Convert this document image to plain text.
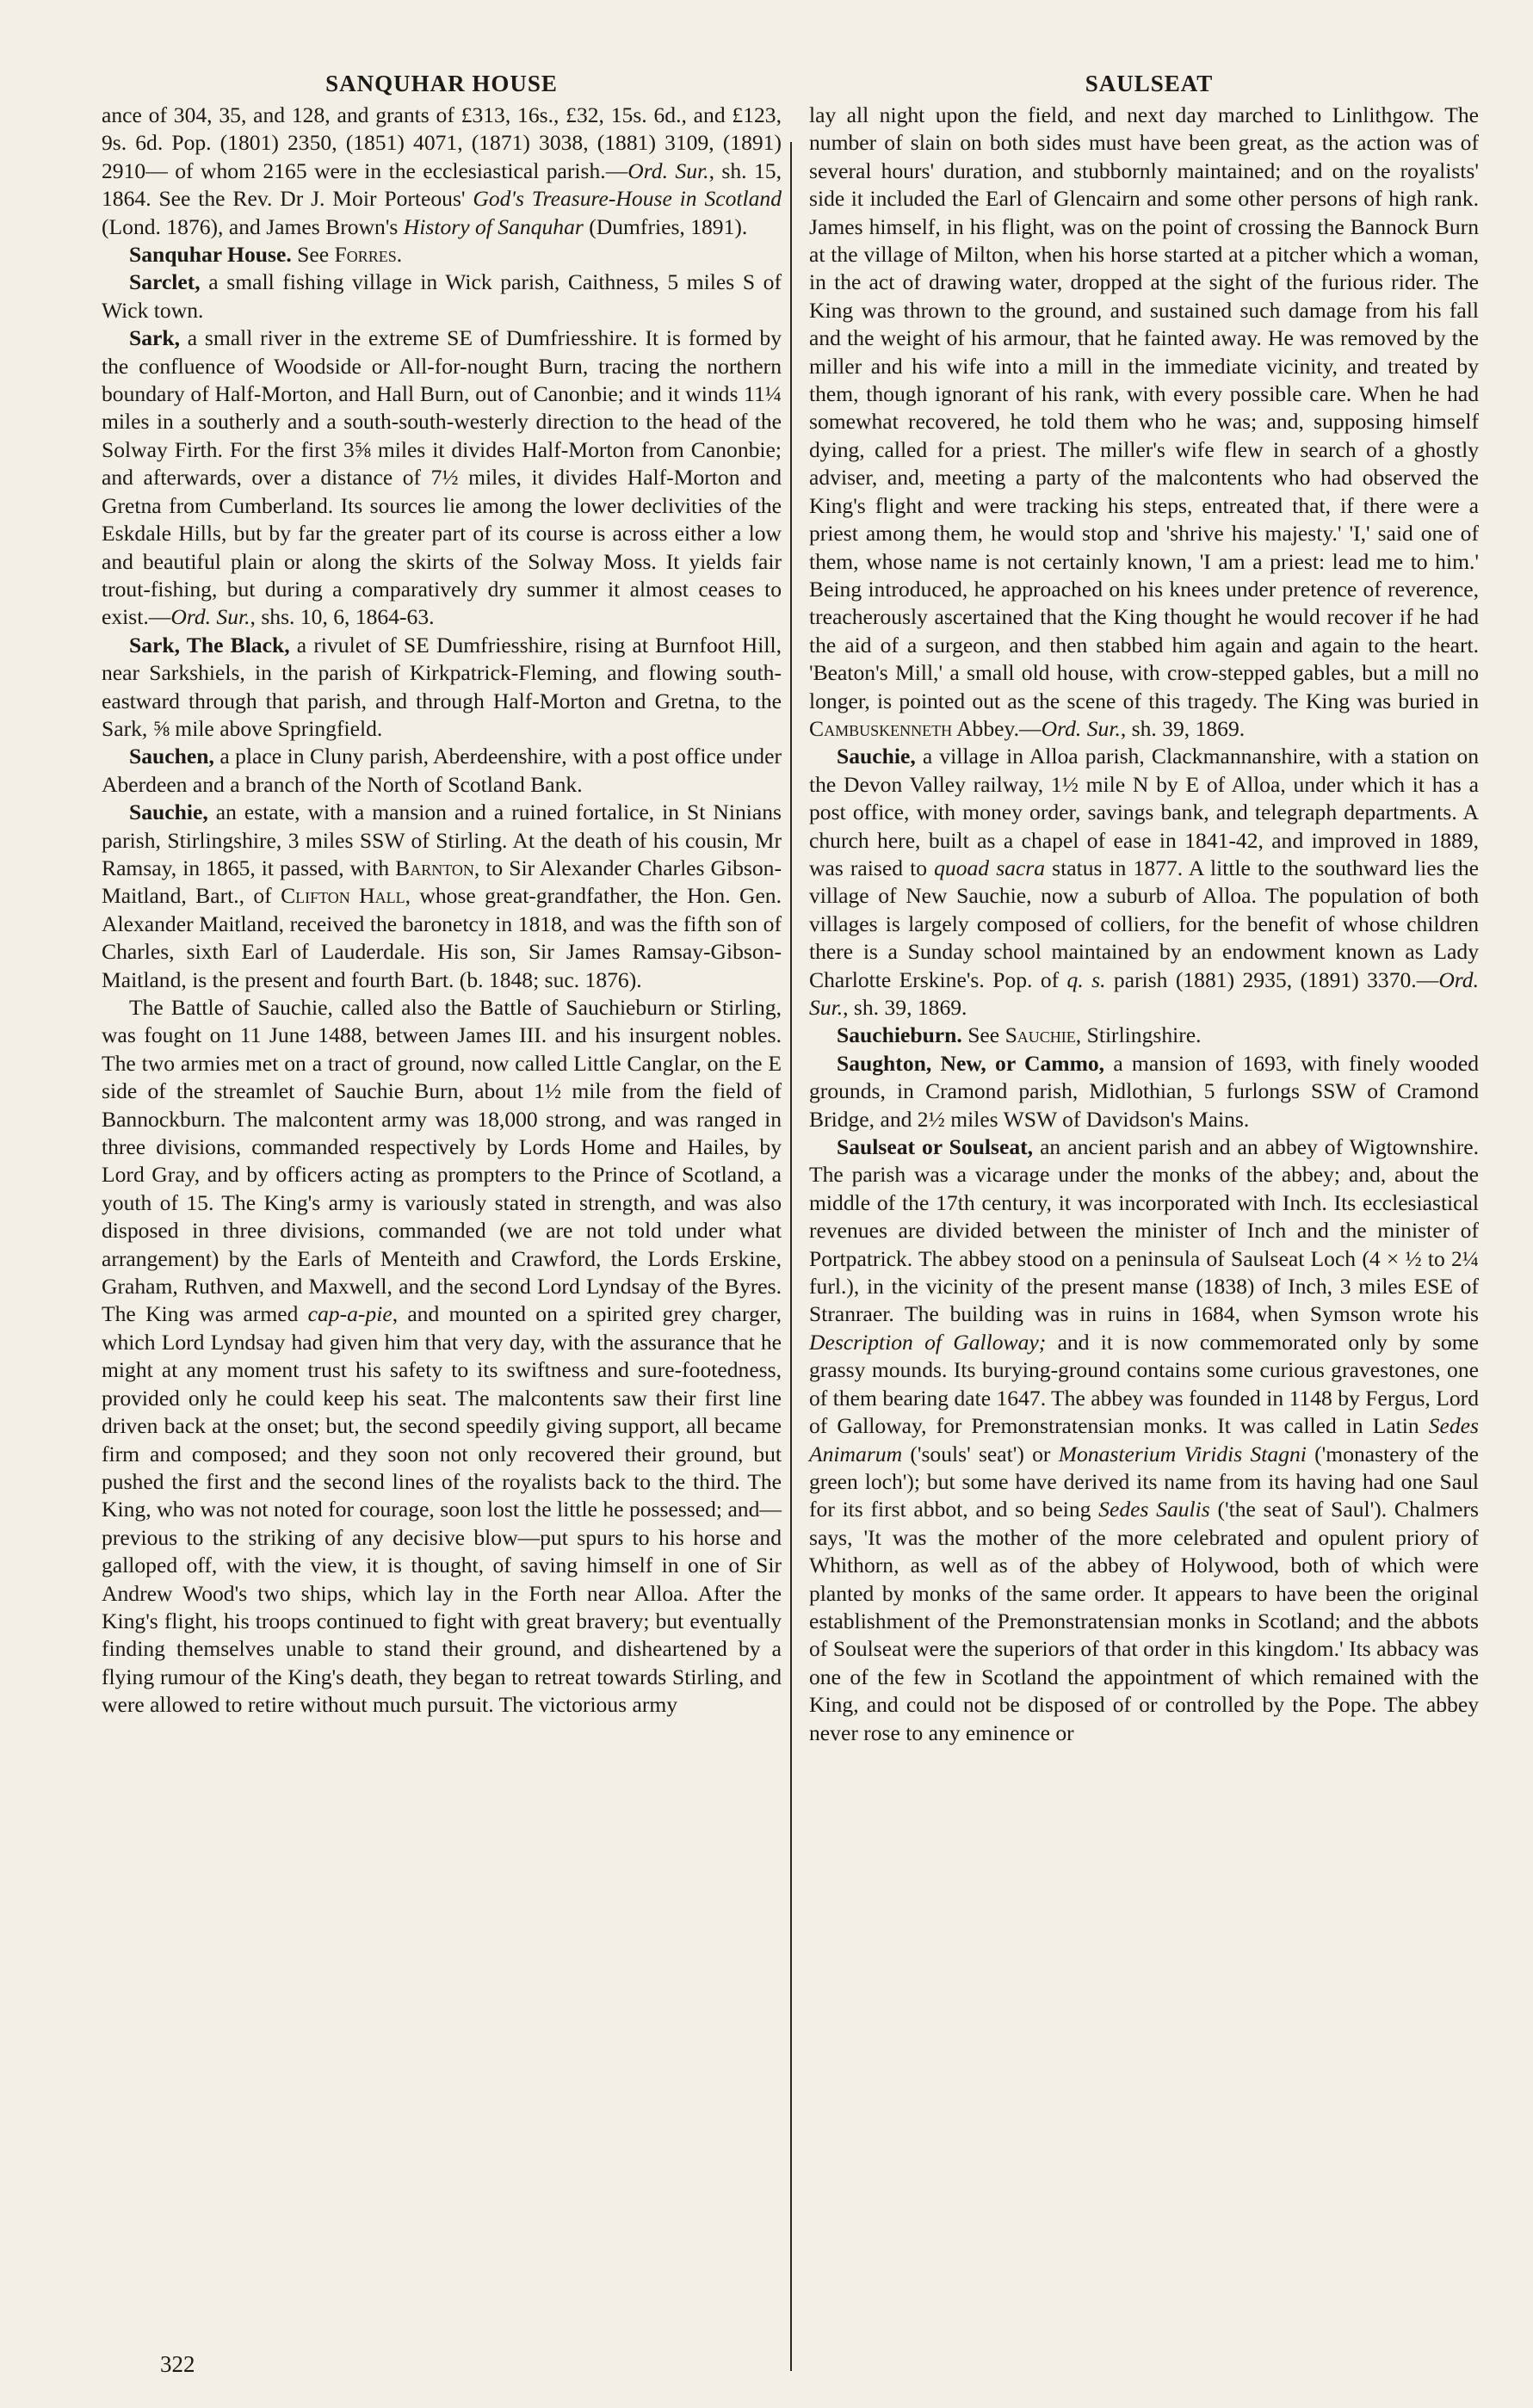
SANQUHAR HOUSE	SAULSEAT

ance of 304, 35, and 128, and grants of £313, 16s., £32, 15s. 6d., and £123, 9s. 6d. Pop. (1801) 2350, (1851) 4071, (1871) 3038, (1881) 3109, (1891) 2910— of whom 2165 were in the ecclesiastical parish.—Ord. Sur., sh. 15, 1864. See the Rev. Dr J. Moir Porteous' God's Treasure-House in Scotland (Lond. 1876), and James Brown's History of Sanquhar (Dumfries, 1891).

Sanquhar House. See Forres.

Sarclet, a small fishing village in Wick parish, Caithness, 5 miles S of Wick town.

Sark, a small river in the extreme SE of Dumfriesshire. It is formed by the confluence of Woodside or All-for-nought Burn, tracing the northern boundary of Half-Morton, and Hall Burn, out of Canonbie; and it winds 11¼ miles in a southerly and a south-south-westerly direction to the head of the Solway Firth. For the first 3⅝ miles it divides Half-Morton from Canonbie; and afterwards, over a distance of 7½ miles, it divides Half-Morton and Gretna from Cumberland. Its sources lie among the lower declivities of the Eskdale Hills, but by far the greater part of its course is across either a low and beautiful plain or along the skirts of the Solway Moss. It yields fair trout-fishing, but during a comparatively dry summer it almost ceases to exist.—Ord. Sur., shs. 10, 6, 1864-63.

Sark, The Black, a rivulet of SE Dumfriesshire, rising at Burnfoot Hill, near Sarkshiels, in the parish of Kirkpatrick-Fleming, and flowing south-eastward through that parish, and through Half-Morton and Gretna, to the Sark, ⅝ mile above Springfield.

Sauchen, a place in Cluny parish, Aberdeenshire, with a post office under Aberdeen and a branch of the North of Scotland Bank.

Sauchie, an estate, with a mansion and a ruined fortalice, in St Ninians parish, Stirlingshire, 3 miles SSW of Stirling. At the death of his cousin, Mr Ramsay, in 1865, it passed, with Barnton, to Sir Alexander Charles Gibson-Maitland, Bart., of Clifton Hall, whose great-grandfather, the Hon. Gen. Alexander Maitland, received the baronetcy in 1818, and was the fifth son of Charles, sixth Earl of Lauderdale. His son, Sir James Ramsay-Gibson-Maitland, is the present and fourth Bart. (b. 1848; suc. 1876).

The Battle of Sauchie, called also the Battle of Sauchieburn or Stirling, was fought on 11 June 1488, between James III. and his insurgent nobles. The two armies met on a tract of ground, now called Little Canglar, on the E side of the streamlet of Sauchie Burn, about 1½ mile from the field of Bannockburn. The malcontent army was 18,000 strong, and was ranged in three divisions, commanded respectively by Lords Home and Hailes, by Lord Gray, and by officers acting as prompters to the Prince of Scotland, a youth of 15. The King's army is variously stated in strength, and was also disposed in three divisions, commanded (we are not told under what arrangement) by the Earls of Menteith and Crawford, the Lords Erskine, Graham, Ruthven, and Maxwell, and the second Lord Lyndsay of the Byres. The King was armed cap-a-pie, and mounted on a spirited grey charger, which Lord Lyndsay had given him that very day, with the assurance that he might at any moment trust his safety to its swiftness and sure-footedness, provided only he could keep his seat. The malcontents saw their first line driven back at the onset; but, the second speedily giving support, all became firm and composed; and they soon not only recovered their ground, but pushed the first and the second lines of the royalists back to the third. The King, who was not noted for courage, soon lost the little he possessed; and—previous to the striking of any decisive blow—put spurs to his horse and galloped off, with the view, it is thought, of saving himself in one of Sir Andrew Wood's two ships, which lay in the Forth near Alloa. After the King's flight, his troops continued to fight with great bravery; but eventually finding themselves unable to stand their ground, and disheartened by a flying rumour of the King's death, they began to retreat towards Stirling, and were allowed to retire without much pursuit. The victorious army

lay all night upon the field, and next day marched to Linlithgow. The number of slain on both sides must have been great, as the action was of several hours' duration, and stubbornly maintained; and on the royalists' side it included the Earl of Glencairn and some other persons of high rank. James himself, in his flight, was on the point of crossing the Bannock Burn at the village of Milton, when his horse started at a pitcher which a woman, in the act of drawing water, dropped at the sight of the furious rider. The King was thrown to the ground, and sustained such damage from his fall and the weight of his armour, that he fainted away. He was removed by the miller and his wife into a mill in the immediate vicinity, and treated by them, though ignorant of his rank, with every possible care. When he had somewhat recovered, he told them who he was; and, supposing himself dying, called for a priest. The miller's wife flew in search of a ghostly adviser, and, meeting a party of the malcontents who had observed the King's flight and were tracking his steps, entreated that, if there were a priest among them, he would stop and 'shrive his majesty.' 'I,' said one of them, whose name is not certainly known, 'I am a priest: lead me to him.' Being introduced, he approached on his knees under pretence of reverence, treacherously ascertained that the King thought he would recover if he had the aid of a surgeon, and then stabbed him again and again to the heart. 'Beaton's Mill,' a small old house, with crow-stepped gables, but a mill no longer, is pointed out as the scene of this tragedy. The King was buried in Cambuskenneth Abbey.—Ord. Sur., sh. 39, 1869.

Sauchie, a village in Alloa parish, Clackmannanshire, with a station on the Devon Valley railway, 1½ mile N by E of Alloa, under which it has a post office, with money order, savings bank, and telegraph departments. A church here, built as a chapel of ease in 1841-42, and improved in 1889, was raised to quoad sacra status in 1877. A little to the southward lies the village of New Sauchie, now a suburb of Alloa. The population of both villages is largely composed of colliers, for the benefit of whose children there is a Sunday school maintained by an endowment known as Lady Charlotte Erskine's. Pop. of q. s. parish (1881) 2935, (1891) 3370.—Ord. Sur., sh. 39, 1869.

Sauchieburn. See Sauchie, Stirlingshire.

Saughton, New, or Cammo, a mansion of 1693, with finely wooded grounds, in Cramond parish, Midlothian, 5 furlongs SSW of Cramond Bridge, and 2½ miles WSW of Davidson's Mains.

Saulseat or Soulseat, an ancient parish and an abbey of Wigtownshire. The parish was a vicarage under the monks of the abbey; and, about the middle of the 17th century, it was incorporated with Inch. Its ecclesiastical revenues are divided between the minister of Inch and the minister of Portpatrick. The abbey stood on a peninsula of Saulseat Loch (4 × ½ to 2¼ furl.), in the vicinity of the present manse (1838) of Inch, 3 miles ESE of Stranraer. The building was in ruins in 1684, when Symson wrote his Description of Galloway; and it is now commemorated only by some grassy mounds. Its burying-ground contains some curious gravestones, one of them bearing date 1647. The abbey was founded in 1148 by Fergus, Lord of Galloway, for Premonstratensian monks. It was called in Latin Sedes Animarum ('souls' seat') or Monasterium Viridis Stagni ('monastery of the green loch'); but some have derived its name from its having had one Saul for its first abbot, and so being Sedes Saulis ('the seat of Saul'). Chalmers says, 'It was the mother of the more celebrated and opulent priory of Whithorn, as well as of the abbey of Holywood, both of which were planted by monks of the same order. It appears to have been the original establishment of the Premonstratensian monks in Scotland; and the abbots of Soulseat were the superiors of that order in this kingdom.' Its abbacy was one of the few in Scotland the appointment of which remained with the King, and could not be disposed of or controlled by the Pope. The abbey never rose to any eminence or

322
